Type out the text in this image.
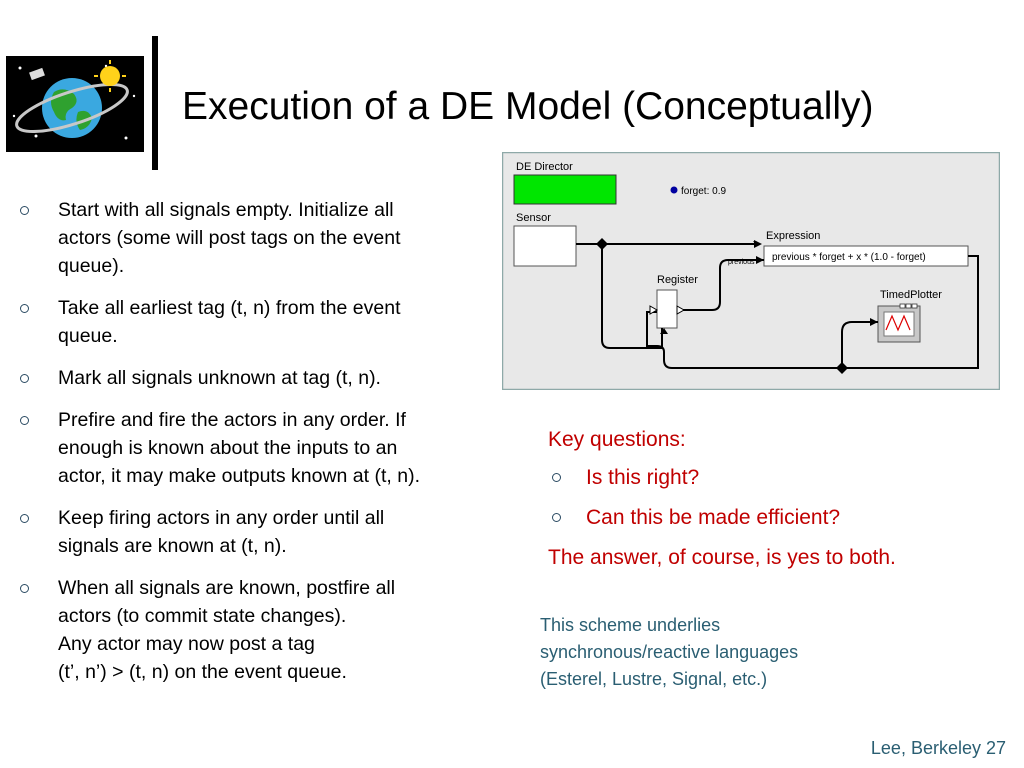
Execution of a DE Model (Conceptually)
Start with all signals empty. Initialize all
actors (some will post tags on the event
queue).
Take all earliest tag (t, n) from the event
queue.
Mark all signals unknown at tag (t, n).
Prefire and fire the actors in any order. If
enough is known about the inputs to an
actor, it may make outputs known at (t, n).
Keep firing actors in any order until all
signals are known at (t, n).
When all signals are known, postfire all
actors (to commit state changes).
Any actor may now post a tag
(t’, n’) > (t, n) on the event queue.
DE Director
forget: 0.9
Sensor
Expression
previous * forget + x * (1.0 - forget)
previous
Register
TimedPlotter

Key questions:

Is this right?
Can this be made efficient?

The answer, of course, is yes to both.

This scheme underlies
synchronous/reactive languages
(Esterel, Lustre, Signal, etc.)
Lee, Berkeley 27
